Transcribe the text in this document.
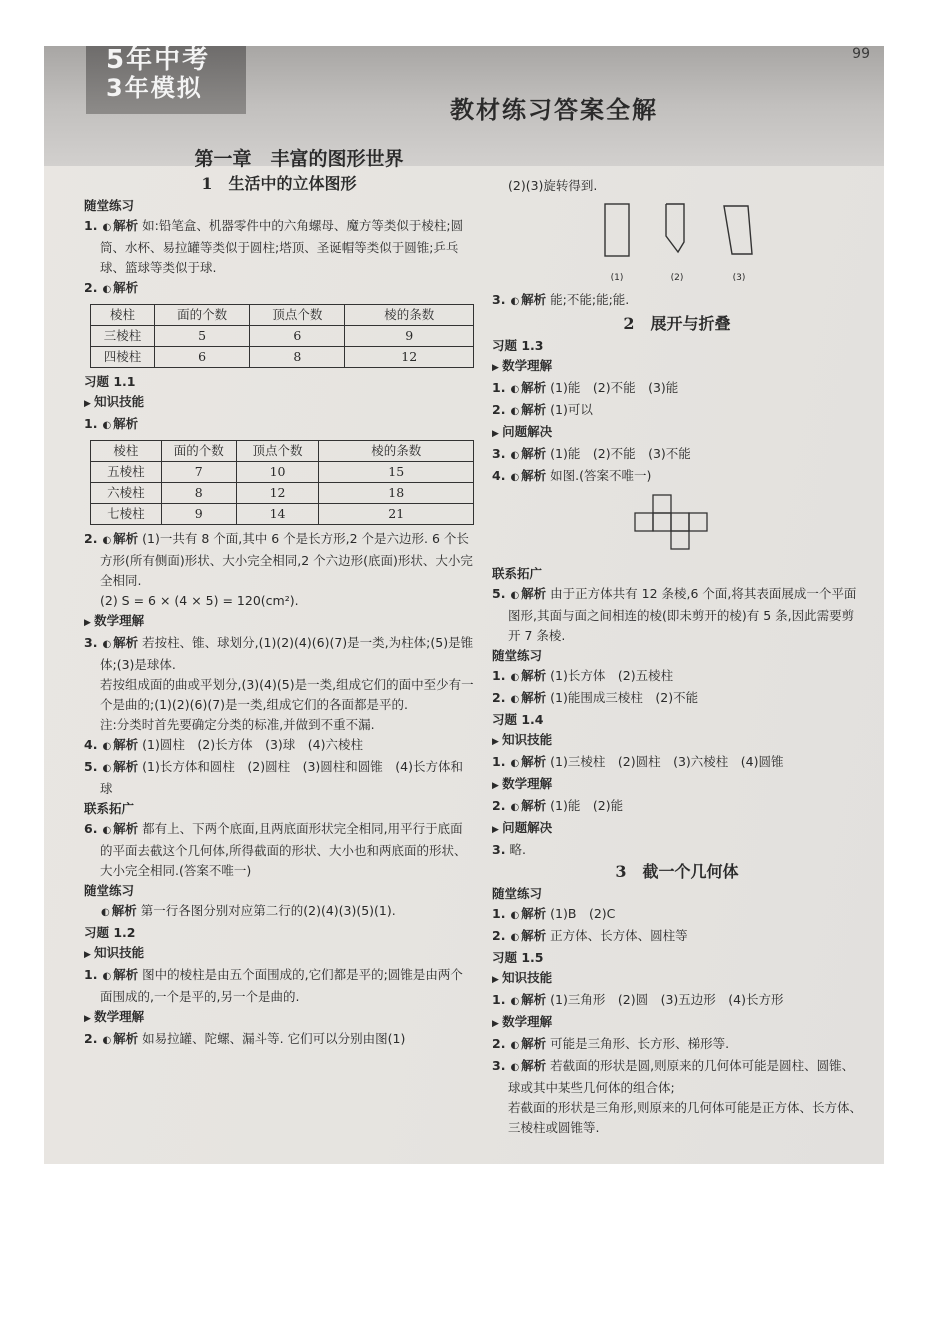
5年中考
3年模拟
99
教材练习答案全解

第一章　丰富的图形世界

1　生活中的立体图形

随堂练习

1. ◐ 解析 如:铅笔盒、机器零件中的六角螺母、魔方等类似于棱柱;圆筒、水杯、易拉罐等类似于圆柱;塔顶、圣诞帽等类似于圆锥;乒乓球、篮球等类似于球.

2. ◐ 解析

棱柱	面的个数	顶点个数	棱的条数
三棱柱	5	6	9
四棱柱	6	8	12

习题 1.1

▶ 知识技能

1. ◐ 解析

棱柱	面的个数	顶点个数	棱的条数
五棱柱	7	10	15
六棱柱	8	12	18
七棱柱	9	14	21

2. ◐ 解析 (1)一共有 8 个面,其中 6 个是长方形,2 个是六边形. 6 个长方形(所有侧面)形状、大小完全相同,2 个六边形(底面)形状、大小完全相同.

(2) S = 6 × (4 × 5) = 120(cm²).

▶ 数学理解

3. ◐ 解析 若按柱、锥、球划分,(1)(2)(4)(6)(7)是一类,为柱体;(5)是锥体;(3)是球体.

若按组成面的曲或平划分,(3)(4)(5)是一类,组成它们的面中至少有一个是曲的;(1)(2)(6)(7)是一类,组成它们的各面都是平的.

注:分类时首先要确定分类的标准,并做到不重不漏.

4. ◐ 解析 (1)圆柱　(2)长方体　(3)球　(4)六棱柱

5. ◐ 解析 (1)长方体和圆柱　(2)圆柱　(3)圆柱和圆锥　(4)长方体和球

联系拓广

6. ◐ 解析 都有上、下两个底面,且两底面形状完全相同,用平行于底面的平面去截这个几何体,所得截面的形状、大小也和两底面的形状、大小完全相同.(答案不唯一)

随堂练习

◐ 解析 第一行各图分别对应第二行的(2)(4)(3)(5)(1).

习题 1.2

▶ 知识技能

1. ◐ 解析 图中的棱柱是由五个面围成的,它们都是平的;圆锥是由两个面围成的,一个是平的,另一个是曲的.

▶ 数学理解

2. ◐ 解析 如易拉罐、陀螺、漏斗等. 它们可以分别由图(1)

(2)(3)旋转得到.

(1)	(2)	(3)

3. ◐ 解析 能;不能;能;能.

2　展开与折叠

习题 1.3

▶ 数学理解

1. ◐ 解析 (1)能　(2)不能　(3)能

2. ◐ 解析 (1)可以

▶ 问题解决

3. ◐ 解析 (1)能　(2)不能　(3)不能

4. ◐ 解析 如图.(答案不唯一)

联系拓广

5. ◐ 解析 由于正方体共有 12 条棱,6 个面,将其表面展成一个平面图形,其面与面之间相连的棱(即未剪开的棱)有 5 条,因此需要剪开 7 条棱.

随堂练习

1. ◐ 解析 (1)长方体　(2)五棱柱

2. ◐ 解析 (1)能围成三棱柱　(2)不能

习题 1.4

▶ 知识技能

1. ◐ 解析 (1)三棱柱　(2)圆柱　(3)六棱柱　(4)圆锥

▶ 数学理解

2. ◐ 解析 (1)能　(2)能

▶ 问题解决

3. 略.

3　截一个几何体

随堂练习

1. ◐ 解析 (1)B　(2)C

2. ◐ 解析 正方体、长方体、圆柱等

习题 1.5

▶ 知识技能

1. ◐ 解析 (1)三角形　(2)圆　(3)五边形　(4)长方形

▶ 数学理解

2. ◐ 解析 可能是三角形、长方形、梯形等.

3. ◐ 解析 若截面的形状是圆,则原来的几何体可能是圆柱、圆锥、球或其中某些几何体的组合体;

若截面的形状是三角形,则原来的几何体可能是正方体、长方体、三棱柱或圆锥等.
